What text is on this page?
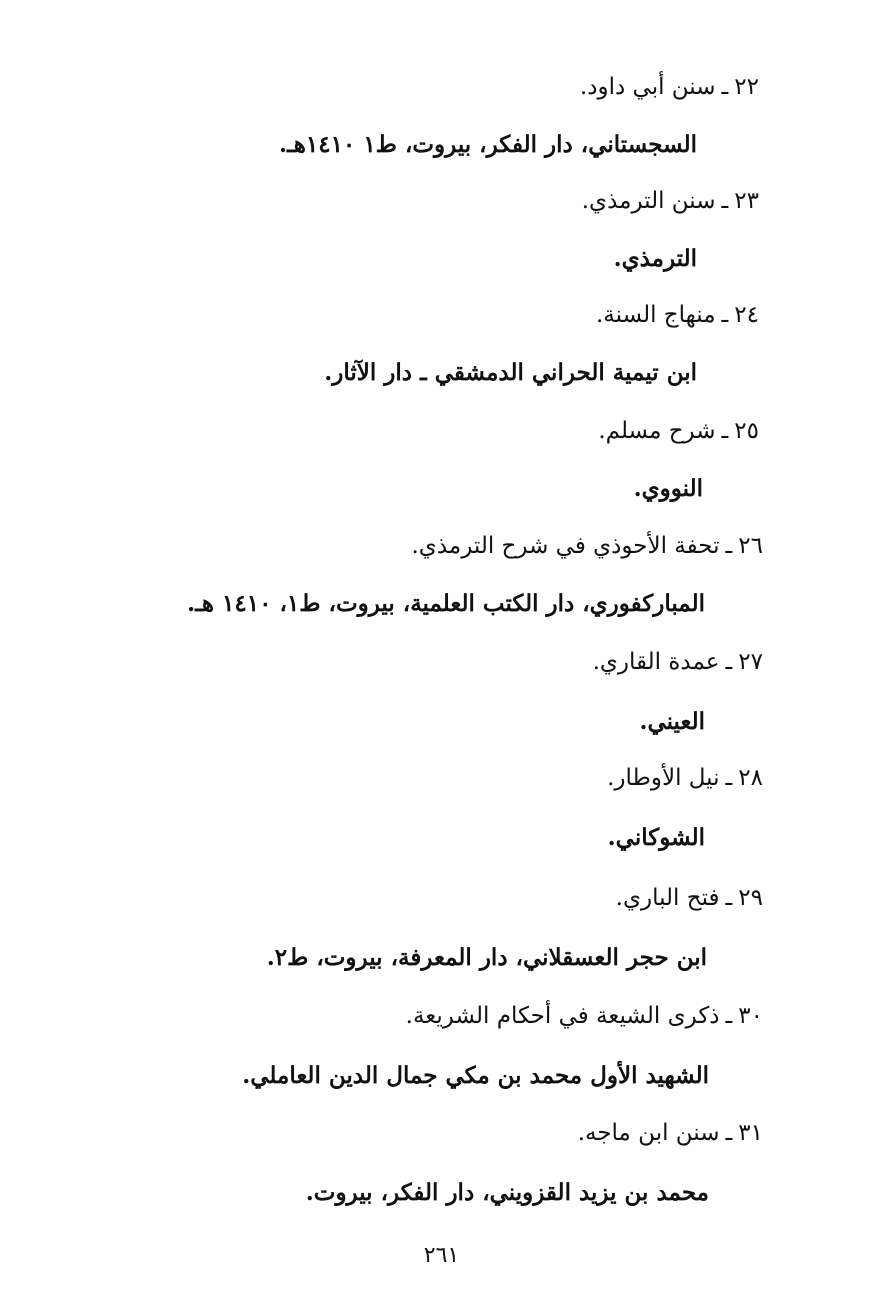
٢٢ـسنن أبي داود.
السجستاني، دار الفكر، بيروت، ط١ ١٤١٠هـ.
٢٣ـسنن الترمذي.
الترمذي.
٢٤ـمنهاج السنة.
ابن تيمية الحراني الدمشقي ـ دار الآثار.
٢٥ـشرح مسلم.
النووي.
٢٦ـتحفة الأحوذي في شرح الترمذي.
المباركفوري، دار الكتب العلمية، بيروت، ط١، ١٤١٠ هـ.
٢٧ـعمدة القاري.
العيني.
٢٨ـنيل الأوطار.
الشوكاني.
٢٩ـفتح الباري.
ابن حجر العسقلاني، دار المعرفة، بيروت، ط٢.
٣٠ـذكرى الشيعة في أحكام الشريعة.
الشهيد الأول محمد بن مكي جمال الدين العاملي.
٣١ـسنن ابن ماجه.
محمد بن يزيد القزويني، دار الفكر، بيروت.
٢٦١
